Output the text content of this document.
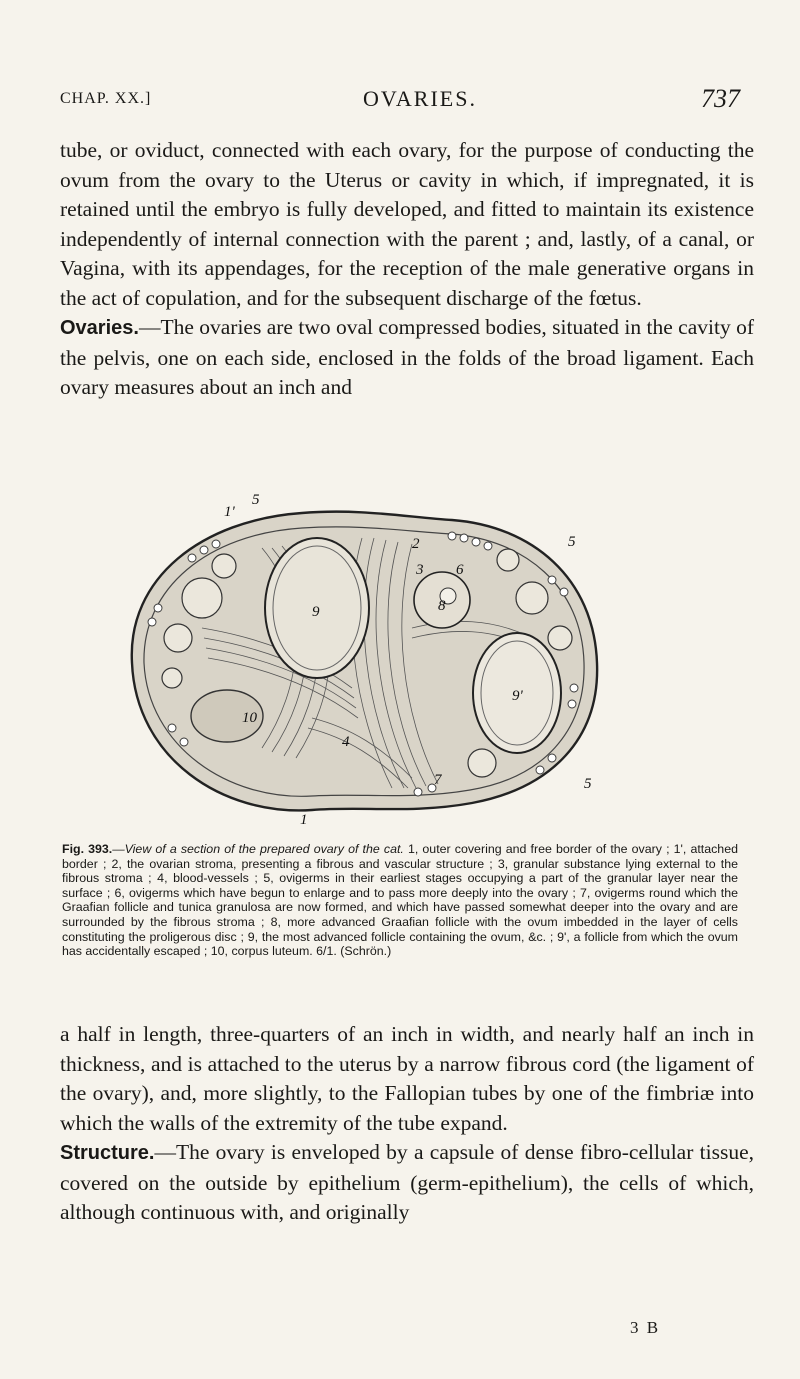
CHAP. XX.]	OVARIES.	737

tube, or oviduct, connected with each ovary, for the purpose of conducting the ovum from the ovary to the Uterus or cavity in which, if impregnated, it is retained until the embryo is fully developed, and fitted to maintain its existence independently of internal connection with the parent ; and, lastly, of a canal, or Vagina, with its appendages, for the reception of the male generative organs in the act of copulation, and for the subsequent discharge of the fœtus.

Ovaries.—The ovaries are two oval compressed bodies, situated in the cavity of the pelvis, one on each side, enclosed in the folds of the broad ligament. Each ovary measures about an inch and

9
9'
10
1
1'
2
3
4
5
5
5
6
7
8
Fig. 393.—View of a section of the prepared ovary of the cat. 1, outer covering and free border of the ovary ; 1', attached border ; 2, the ovarian stroma, presenting a fibrous and vascular structure ; 3, granular substance lying external to the fibrous stroma ; 4, blood-vessels ; 5, ovigerms in their earliest stages occupying a part of the granular layer near the surface ; 6, ovigerms which have begun to enlarge and to pass more deeply into the ovary ; 7, ovigerms round which the Graafian follicle and tunica granulosa are now formed, and which have passed somewhat deeper into the ovary and are surrounded by the fibrous stroma ; 8, more advanced Graafian follicle with the ovum imbedded in the layer of cells constituting the proligerous disc ; 9, the most advanced follicle containing the ovum, &c. ; 9', a follicle from which the ovum has accidentally escaped ; 10, corpus luteum. 6/1. (Schrön.)

a half in length, three-quarters of an inch in width, and nearly half an inch in thickness, and is attached to the uterus by a narrow fibrous cord (the ligament of the ovary), and, more slightly, to the Fallopian tubes by one of the fimbriæ into which the walls of the extremity of the tube expand.

Structure.—The ovary is enveloped by a capsule of dense fibro-cellular tissue, covered on the outside by epithelium (germ-epithelium), the cells of which, although continuous with, and originally

3 B
